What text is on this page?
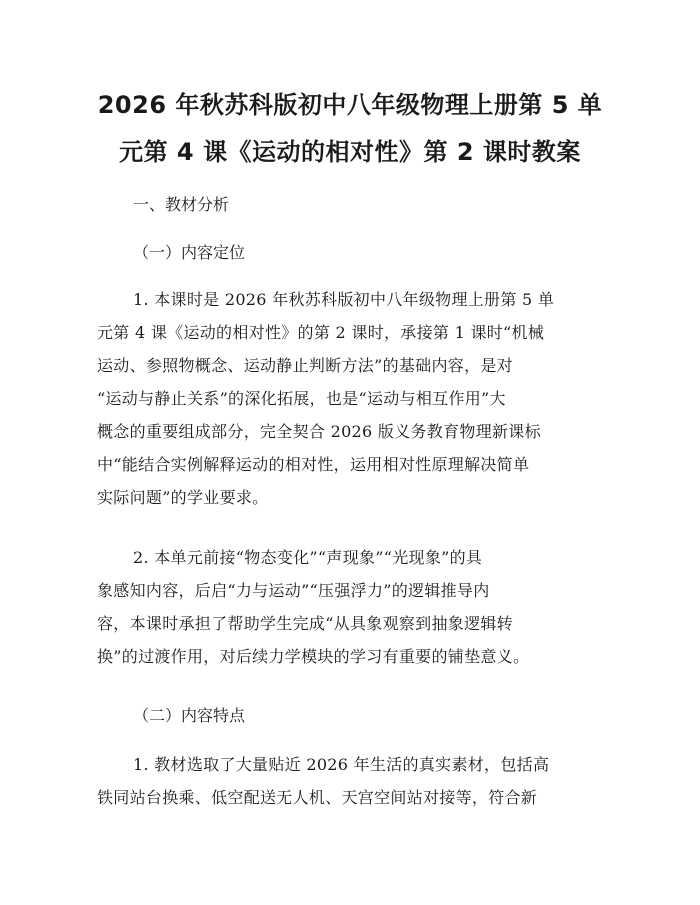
2026 年秋苏科版初中八年级物理上册第 5 单
元第 4 课《运动的相对性》第 2 课时教案
一、教材分析
（一）内容定位
1. 本课时是 2026 年秋苏科版初中八年级物理上册第 5 单
元第 4 课《运动的相对性》的第 2 课时，承接第 1 课时“机械
运动、参照物概念、运动静止判断方法”的基础内容，是对
“运动与静止关系”的深化拓展，也是“运动与相互作用”大
概念的重要组成部分，完全契合 2026 版义务教育物理新课标
中“能结合实例解释运动的相对性，运用相对性原理解决简单
实际问题”的学业要求。
2. 本单元前接“物态变化”“声现象”“光现象”的具
象感知内容，后启“力与运动”“压强浮力”的逻辑推导内
容，本课时承担了帮助学生完成“从具象观察到抽象逻辑转
换”的过渡作用，对后续力学模块的学习有重要的铺垫意义。
（二）内容特点
1. 教材选取了大量贴近 2026 年生活的真实素材，包括高
铁同站台换乘、低空配送无人机、天宫空间站对接等，符合新
